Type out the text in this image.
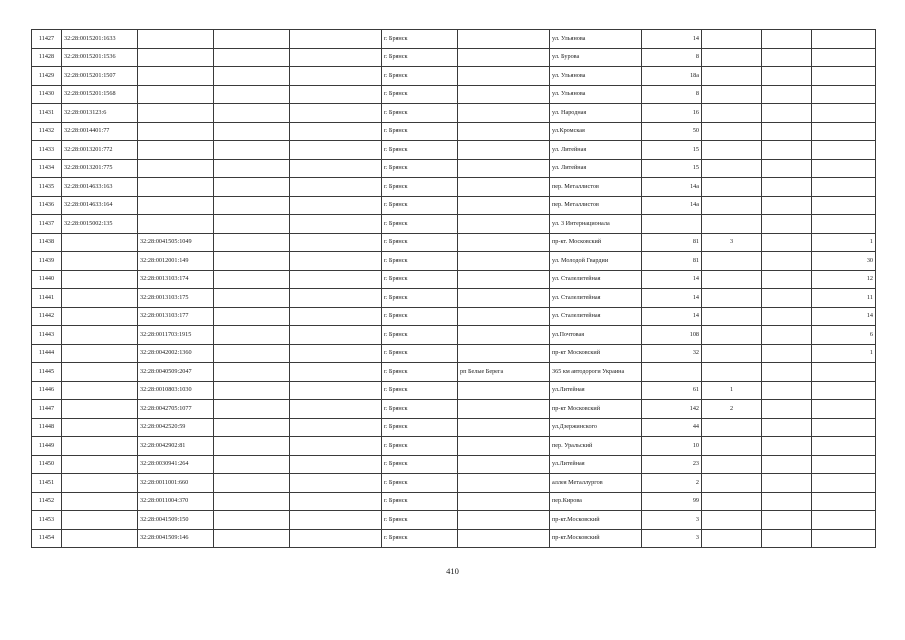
11427	32:28:0015201:1633				г. Брянск		ул. Ульянова	14			
11428	32:28:0015201:1536				г. Брянск		ул. Бурова	8			
11429	32:28:0015201:1507				г. Брянск		ул. Ульянова	18а			
11430	32:28:0015201:1568				г. Брянск		ул. Ульянова	8			
11431	32:28:0013123:6				г. Брянск		ул. Народная	16			
11432	32:28:0014401:77				г. Брянск		ул.Кромская	50			
11433	32:28:0013201:772				г. Брянск		ул. Литейная	15			
11434	32:28:0013201:775				г. Брянск		ул. Литейная	15			
11435	32:28:0014633:163				г. Брянск		пер. Металлистов	14а			
11436	32:28:0014633:164				г. Брянск		пер. Металлистов	14а			
11437	32:28:0015002:135				г. Брянск		ул. 3 Интернационала				
11438		32:28:0041505:1049			г. Брянск		пр-кт. Московский	81	3		1
11439		32:28:0012001:149			г. Брянск		ул. Молодой Гвардии	81			30
11440		32:28:0013103:174			г. Брянск		ул. Сталелитейная	14			12
11441		32:28:0013103:175			г. Брянск		ул. Сталелитейная	14			11
11442		32:28:0013103:177			г. Брянск		ул. Сталелитейная	14			14
11443		32:28:0011703:1915			г. Брянск		ул.Почтовая	108			6
11444		32:28:0042002:1360			г. Брянск		пр-кт Московский	32			1
11445		32:28:0040509:2047			г. Брянск	рп Белые Берега	365 км автодороги Украина				
11446		32:28:0010803:1030			г. Брянск		ул.Литейная	61	1		
11447		32:28:0042705:1077			г. Брянск		пр-кт Московский	142	2		
11448		32:28:0042520:59			г. Брянск		ул.Дзержинского	44			
11449		32:28:0042902:81			г. Брянск		пер. Уральский	10			
11450		32:28:0030941:264			г. Брянск		ул.Литейная	23			
11451		32:28:0011001:660			г. Брянск		аллея Металлургов	2			
11452		32:28:0011004:370			г. Брянск		пер.Кирова	99			
11453		32:28:0041509:150			г. Брянск		пр-кт.Московский	3			
11454		32:28:0041509:146			г. Брянск		пр-кт.Московский	3			
410
